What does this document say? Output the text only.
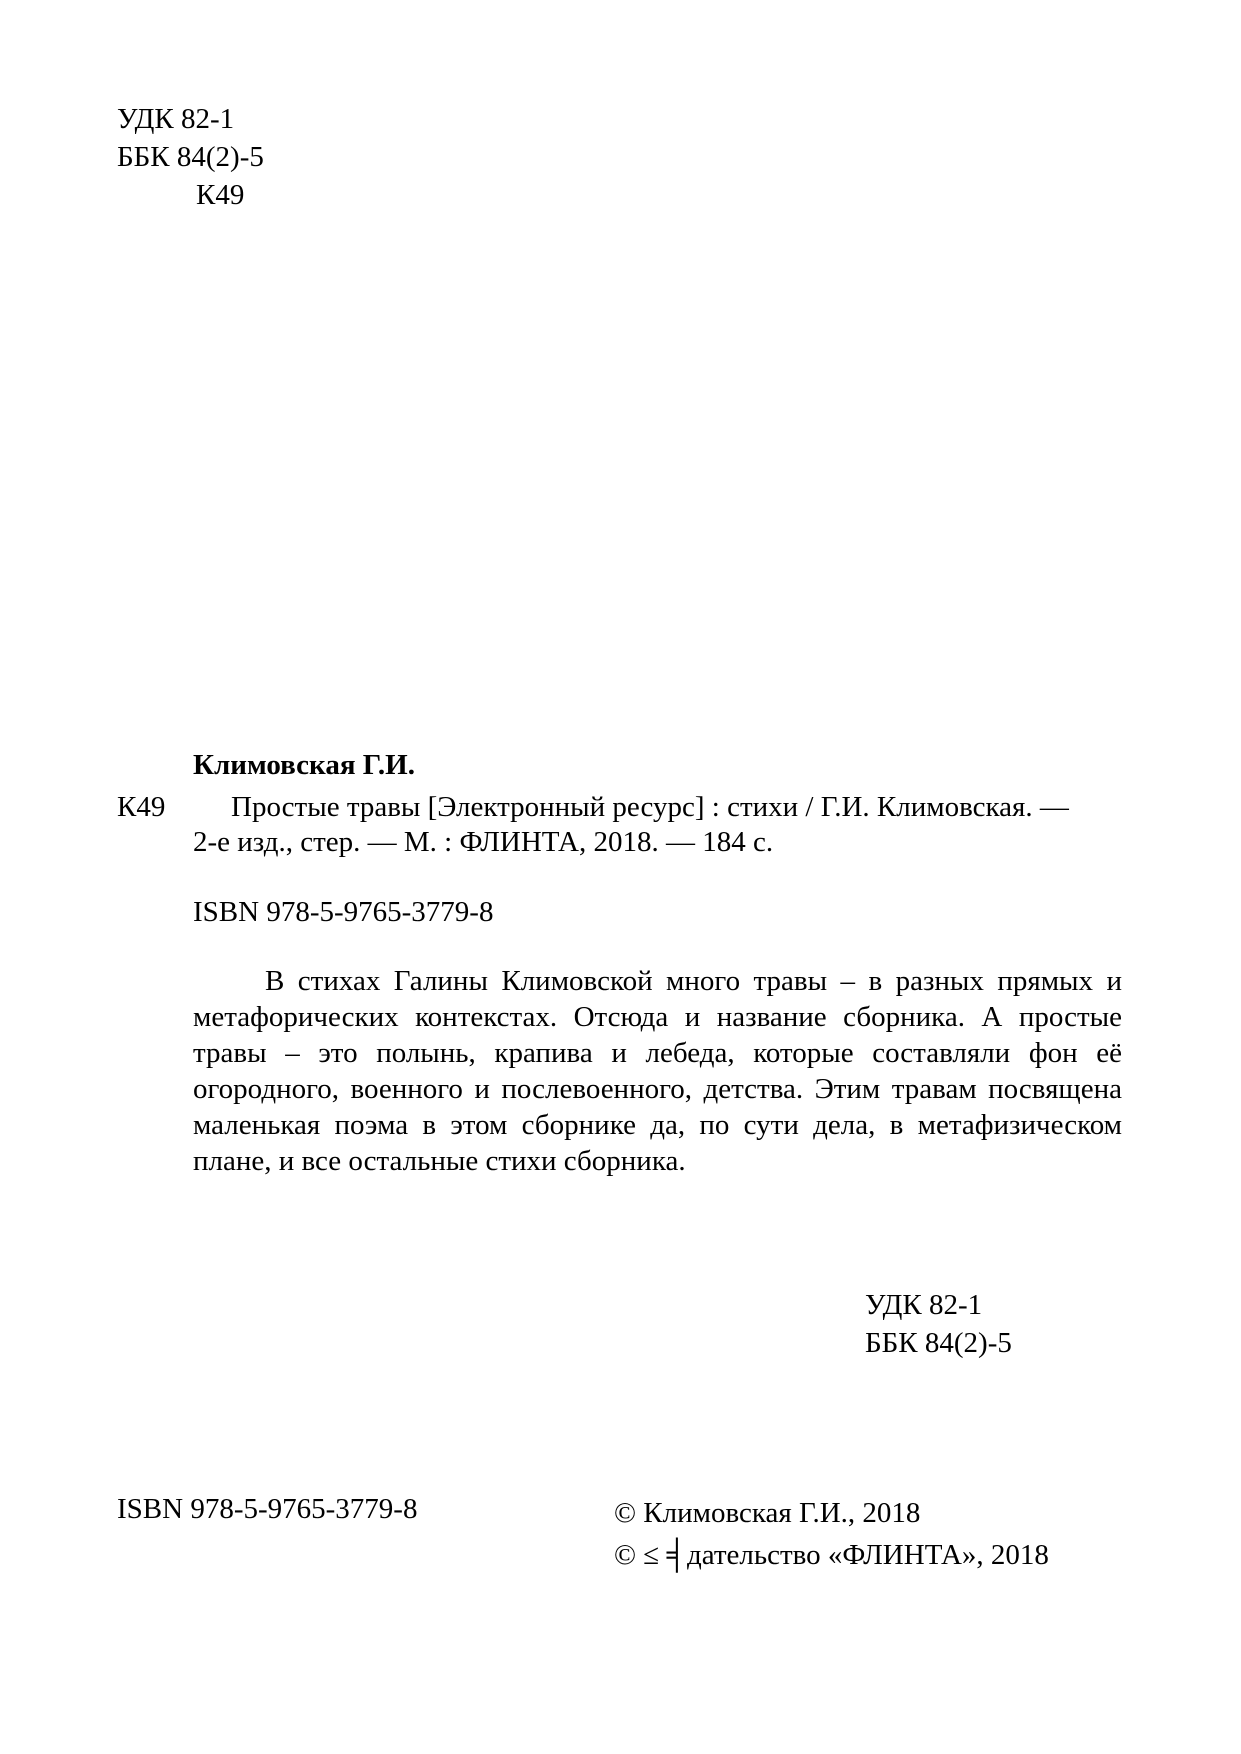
УДК 82-1
ББК 84(2)-5
К49
Климовская Г.И.
К49 Простые травы [Электронный ресурс] : стихи / Г.И. Климовская. —
2-е изд., стер. — М. : ФЛИНТА, 2018. — 184 с.
ISBN 978-5-9765-3779-8
В стихах Галины Климовской много травы – в разных прямых и метафорических контекстах. Отсюда и название сборника. А простые травы – это полынь, крапива и лебеда, которые составляли фон её огородного, военного и послевоенного, детства. Этим травам посвящена маленькая поэма в этом сборнике да, по сути дела, в метафизическом плане, и все остальные стихи сборника.
УДК 82-1
ББК 84(2)-5
ISBN 978-5-9765-3779-8	© Климовская Г.И., 2018
© ≤ ╡дательство «ФЛИНТА», 2018
